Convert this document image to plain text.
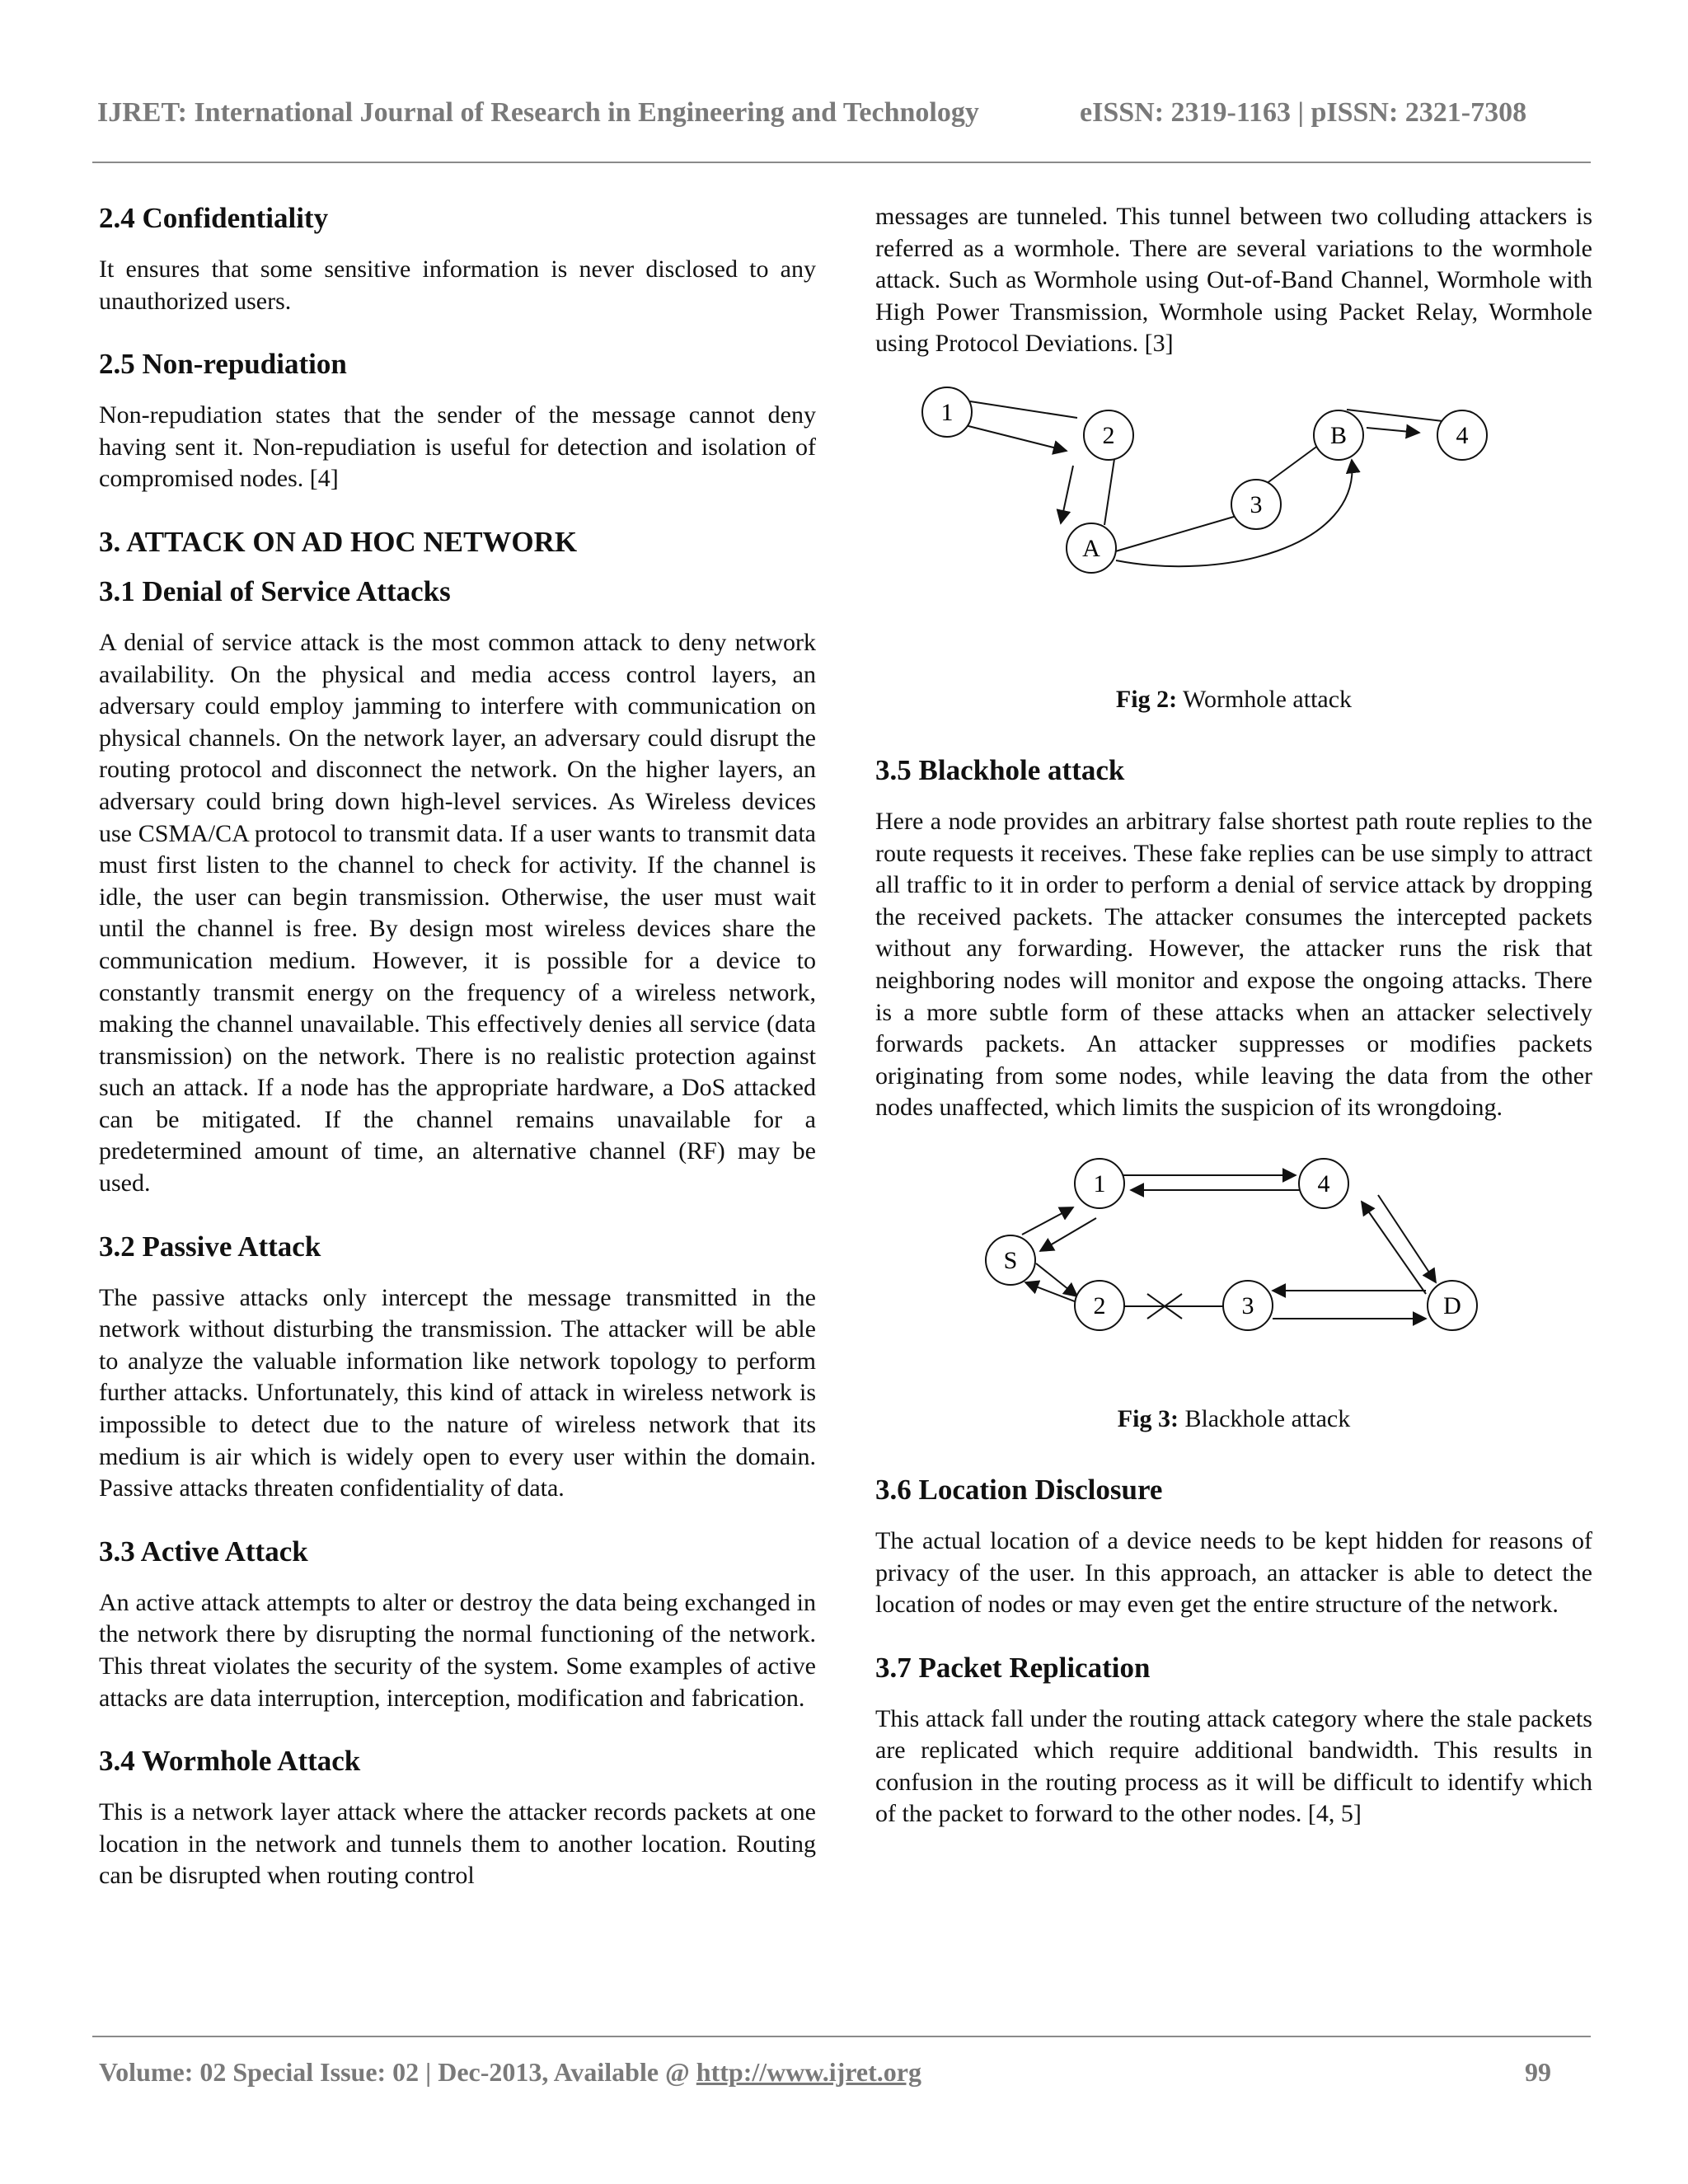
IJRET: International Journal of Research in Engineering and Technology	eISSN: 2319-1163 | pISSN: 2321-7308
2.4 Confidentiality

It ensures that some sensitive information is never disclosed to any unauthorized users.

2.5 Non-repudiation

Non-repudiation states that the sender of the message cannot deny having sent it. Non-repudiation is useful for detection and isolation of compromised nodes. [4]

3. ATTACK ON AD HOC NETWORK
3.1 Denial of Service Attacks

A denial of service attack is the most common attack to deny network availability. On the physical and media access control layers, an adversary could employ jamming to interfere with communication on physical channels. On the network layer, an adversary could disrupt the routing protocol and disconnect the network. On the higher layers, an adversary could bring down high-level services. As Wireless devices use CSMA/CA protocol to transmit data. If a user wants to transmit data must first listen to the channel to check for activity. If the channel is idle, the user can begin transmission. Otherwise, the user must wait until the channel is free. By design most wireless devices share the communication medium. However, it is possible for a device to constantly transmit energy on the frequency of a wireless network, making the channel unavailable. This effectively denies all service (data transmission) on the network. There is no realistic protection against such an attack. If a node has the appropriate hardware, a DoS attacked can be mitigated. If the channel remains unavailable for a predetermined amount of time, an alternative channel (RF) may be used.

3.2 Passive Attack

The passive attacks only intercept the message transmitted in the network without disturbing the transmission. The attacker will be able to analyze the valuable information like network topology to perform further attacks. Unfortunately, this kind of attack in wireless network is impossible to detect due to the nature of wireless network that its medium is air which is widely open to every user within the domain. Passive attacks threaten confidentiality of data.

3.3 Active Attack

An active attack attempts to alter or destroy the data being exchanged in the network there by disrupting the normal functioning of the network. This threat violates the security of the system. Some examples of active attacks are data interruption, interception, modification and fabrication.

3.4 Wormhole Attack

This is a network layer attack where the attacker records packets at one location in the network and tunnels them to another location. Routing can be disrupted when routing control

messages are tunneled. This tunnel between two colluding attackers is referred as a wormhole. There are several variations to the wormhole attack. Such as Wormhole using Out-of-Band Channel, Wormhole with High Power Transmission, Wormhole using Packet Relay, Wormhole using Protocol Deviations. [3]

1
2
A
3
B	4

Fig 2: Wormhole attack

3.5 Blackhole attack

Here a node provides an arbitrary false shortest path route replies to the route requests it receives. These fake replies can be use simply to attract all traffic to it in order to perform a denial of service attack by dropping the received packets. The attacker consumes the intercepted packets without any forwarding. However, the attacker runs the risk that neighboring nodes will monitor and expose the ongoing attacks. There is a more subtle form of these attacks when an attacker selectively forwards packets. An attacker suppresses or modifies packets originating from some nodes, while leaving the data from the other nodes unaffected, which limits the suspicion of its wrongdoing.

S
1	4
2	3	D

Fig 3: Blackhole attack

3.6 Location Disclosure

The actual location of a device needs to be kept hidden for reasons of privacy of the user. In this approach, an attacker is able to detect the location of nodes or may even get the entire structure of the network.

3.7 Packet Replication

This attack fall under the routing attack category where the stale packets are replicated which require additional bandwidth. This results in confusion in the routing process as it will be difficult to identify which of the packet to forward to the other nodes. [4, 5]

Volume: 02 Special Issue: 02 | Dec-2013, Available @ http://www.ijret.org	99
